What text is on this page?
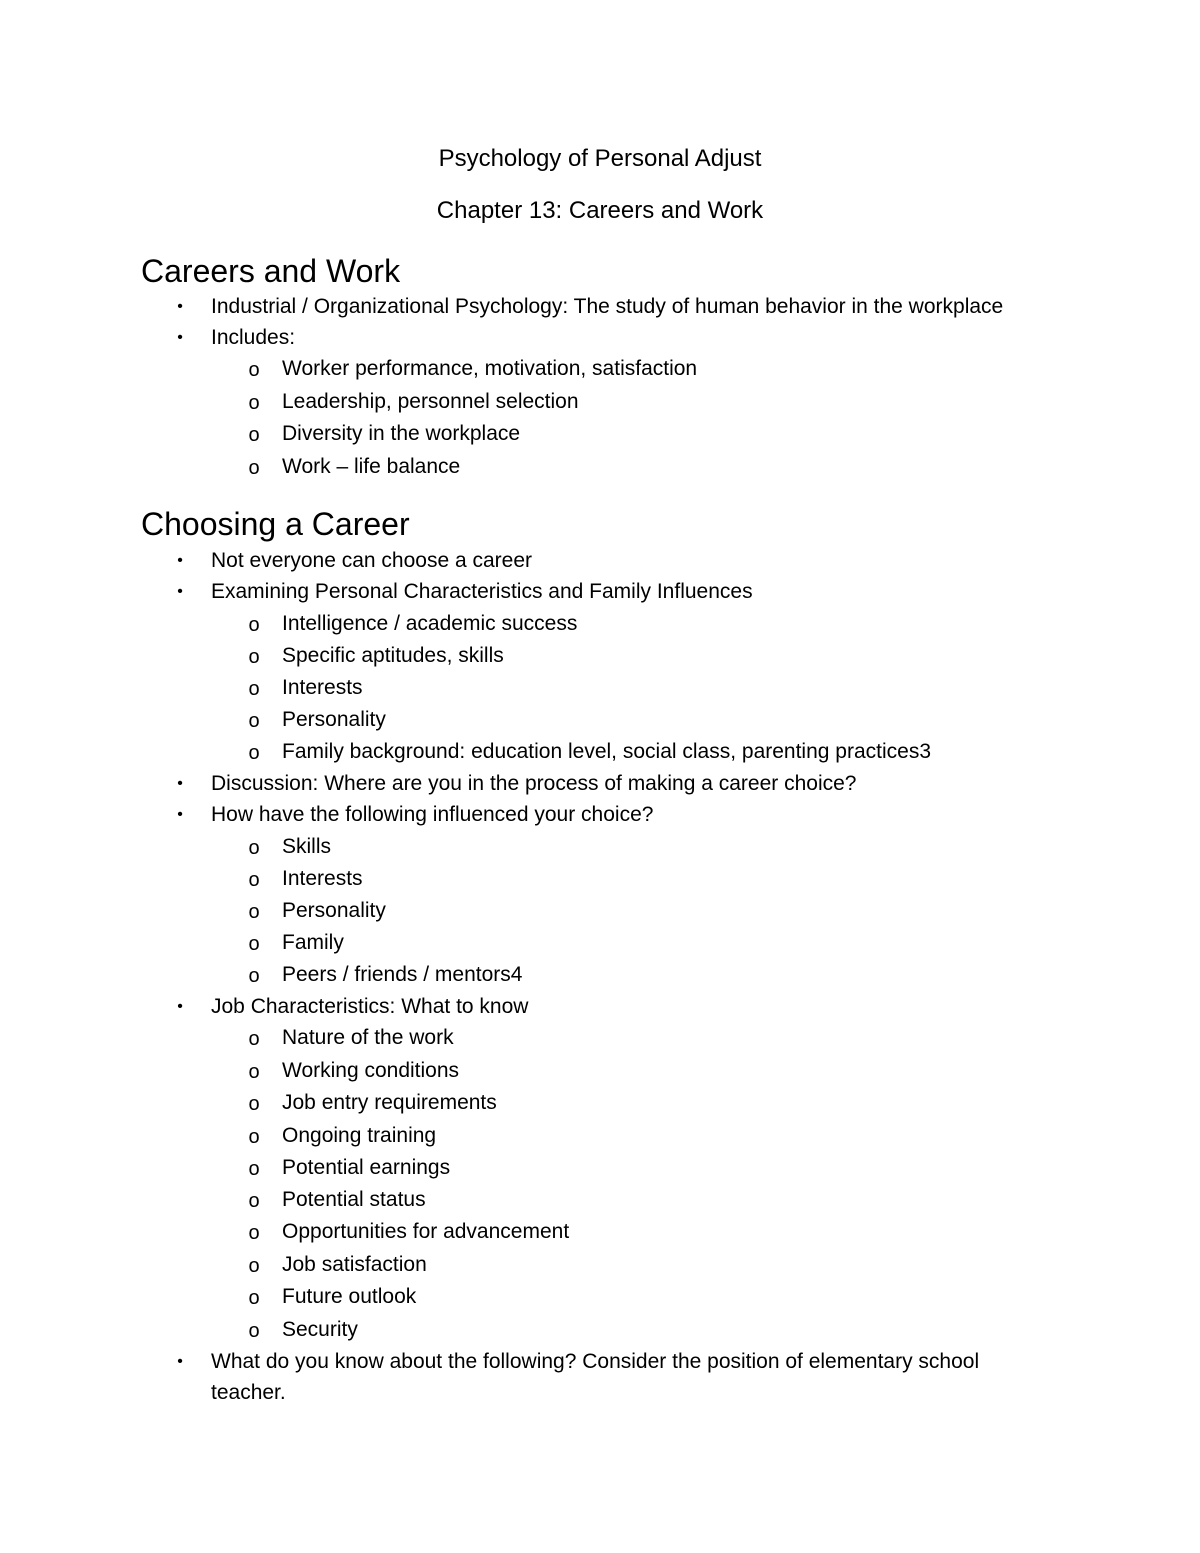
Psychology of Personal Adjust
Chapter 13: Careers and Work
Careers and Work
• Industrial / Organizational Psychology: The study of human behavior in the workplace
• Includes:
o Worker performance, motivation, satisfaction
o Leadership, personnel selection
o Diversity in the workplace
o Work – life balance
Choosing a Career
• Not everyone can choose a career
• Examining Personal Characteristics and Family Influences
o Intelligence / academic success
o Specific aptitudes, skills
o Interests
o Personality
o Family background: education level, social class, parenting practices3
• Discussion: Where are you in the process of making a career choice?
• How have the following influenced your choice?
o Skills
o Interests
o Personality
o Family
o Peers / friends / mentors4
• Job Characteristics: What to know
o Nature of the work
o Working conditions
o Job entry requirements
o Ongoing training
o Potential earnings
o Potential status
o Opportunities for advancement
o Job satisfaction
o Future outlook
o Security
• What do you know about the following? Consider the position of elementary school
teacher.
